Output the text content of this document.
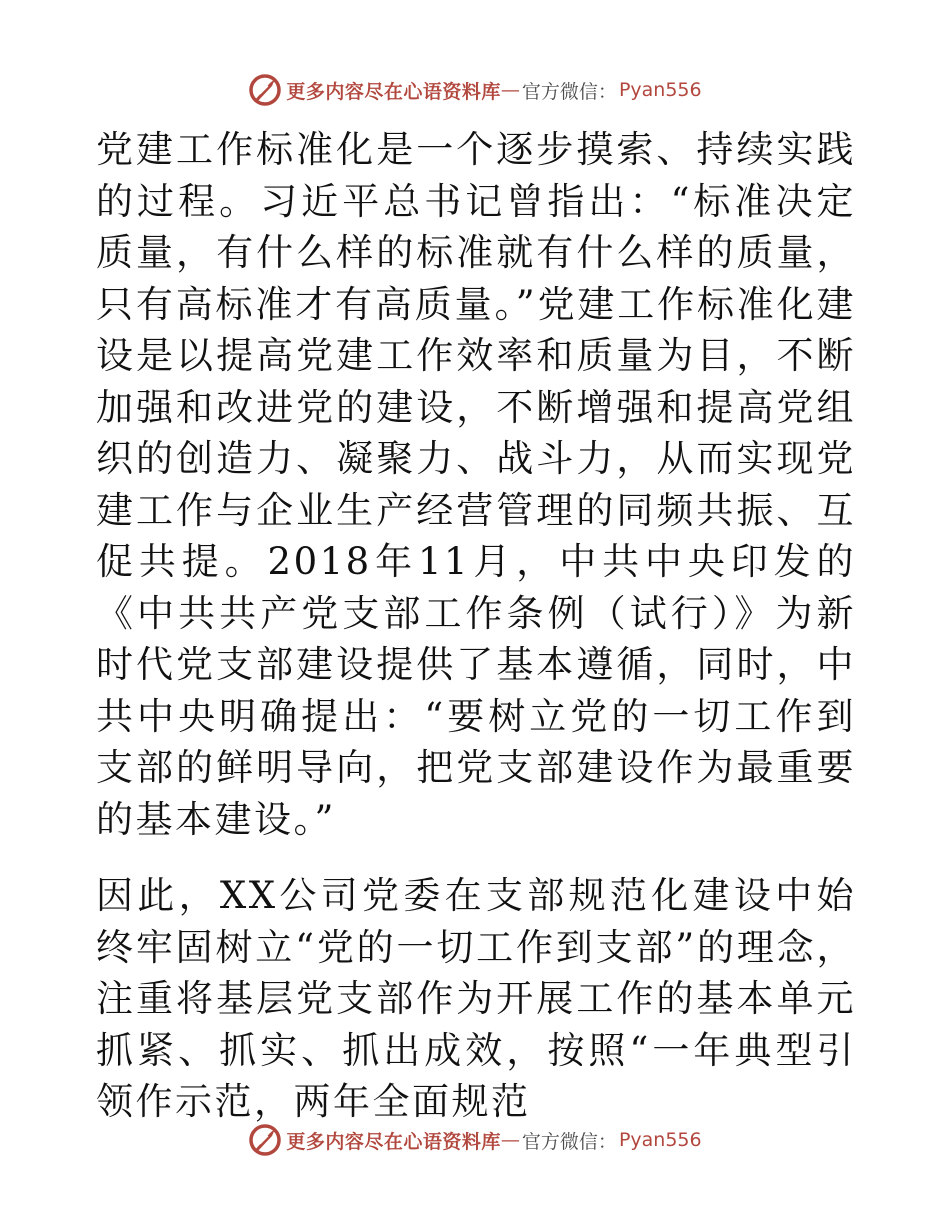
更多内容尽在心语资料库 — 官方微信： Pyan556

党建工作标准化是一个逐步摸索、持续实践的过程。习近平总书记曾指出：“标准决定质量，有什么样的标准就有什么样的质量，只有高标准才有高质量。”党建工作标准化建设是以提高党建工作效率和质量为目，不断加强和改进党的建设，不断增强和提高党组织的创造力、凝聚力、战斗力，从而实现党建工作与企业生产经营管理的同频共振、互促共提。2018年11月，中共中央印发的《中共共产党支部工作条例（试行）》为新时代党支部建设提供了基本遵循，同时，中共中央明确提出：“要树立党的一切工作到支部的鲜明导向，把党支部建设作为最重要的基本建设。”

因此，XX公司党委在支部规范化建设中始终牢固树立“党的一切工作到支部”的理念，注重将基层党支部作为开展工作的基本单元抓紧、抓实、抓出成效，按照“一年典型引领作示范，两年全面规范

更多内容尽在心语资料库 — 官方微信： Pyan556
